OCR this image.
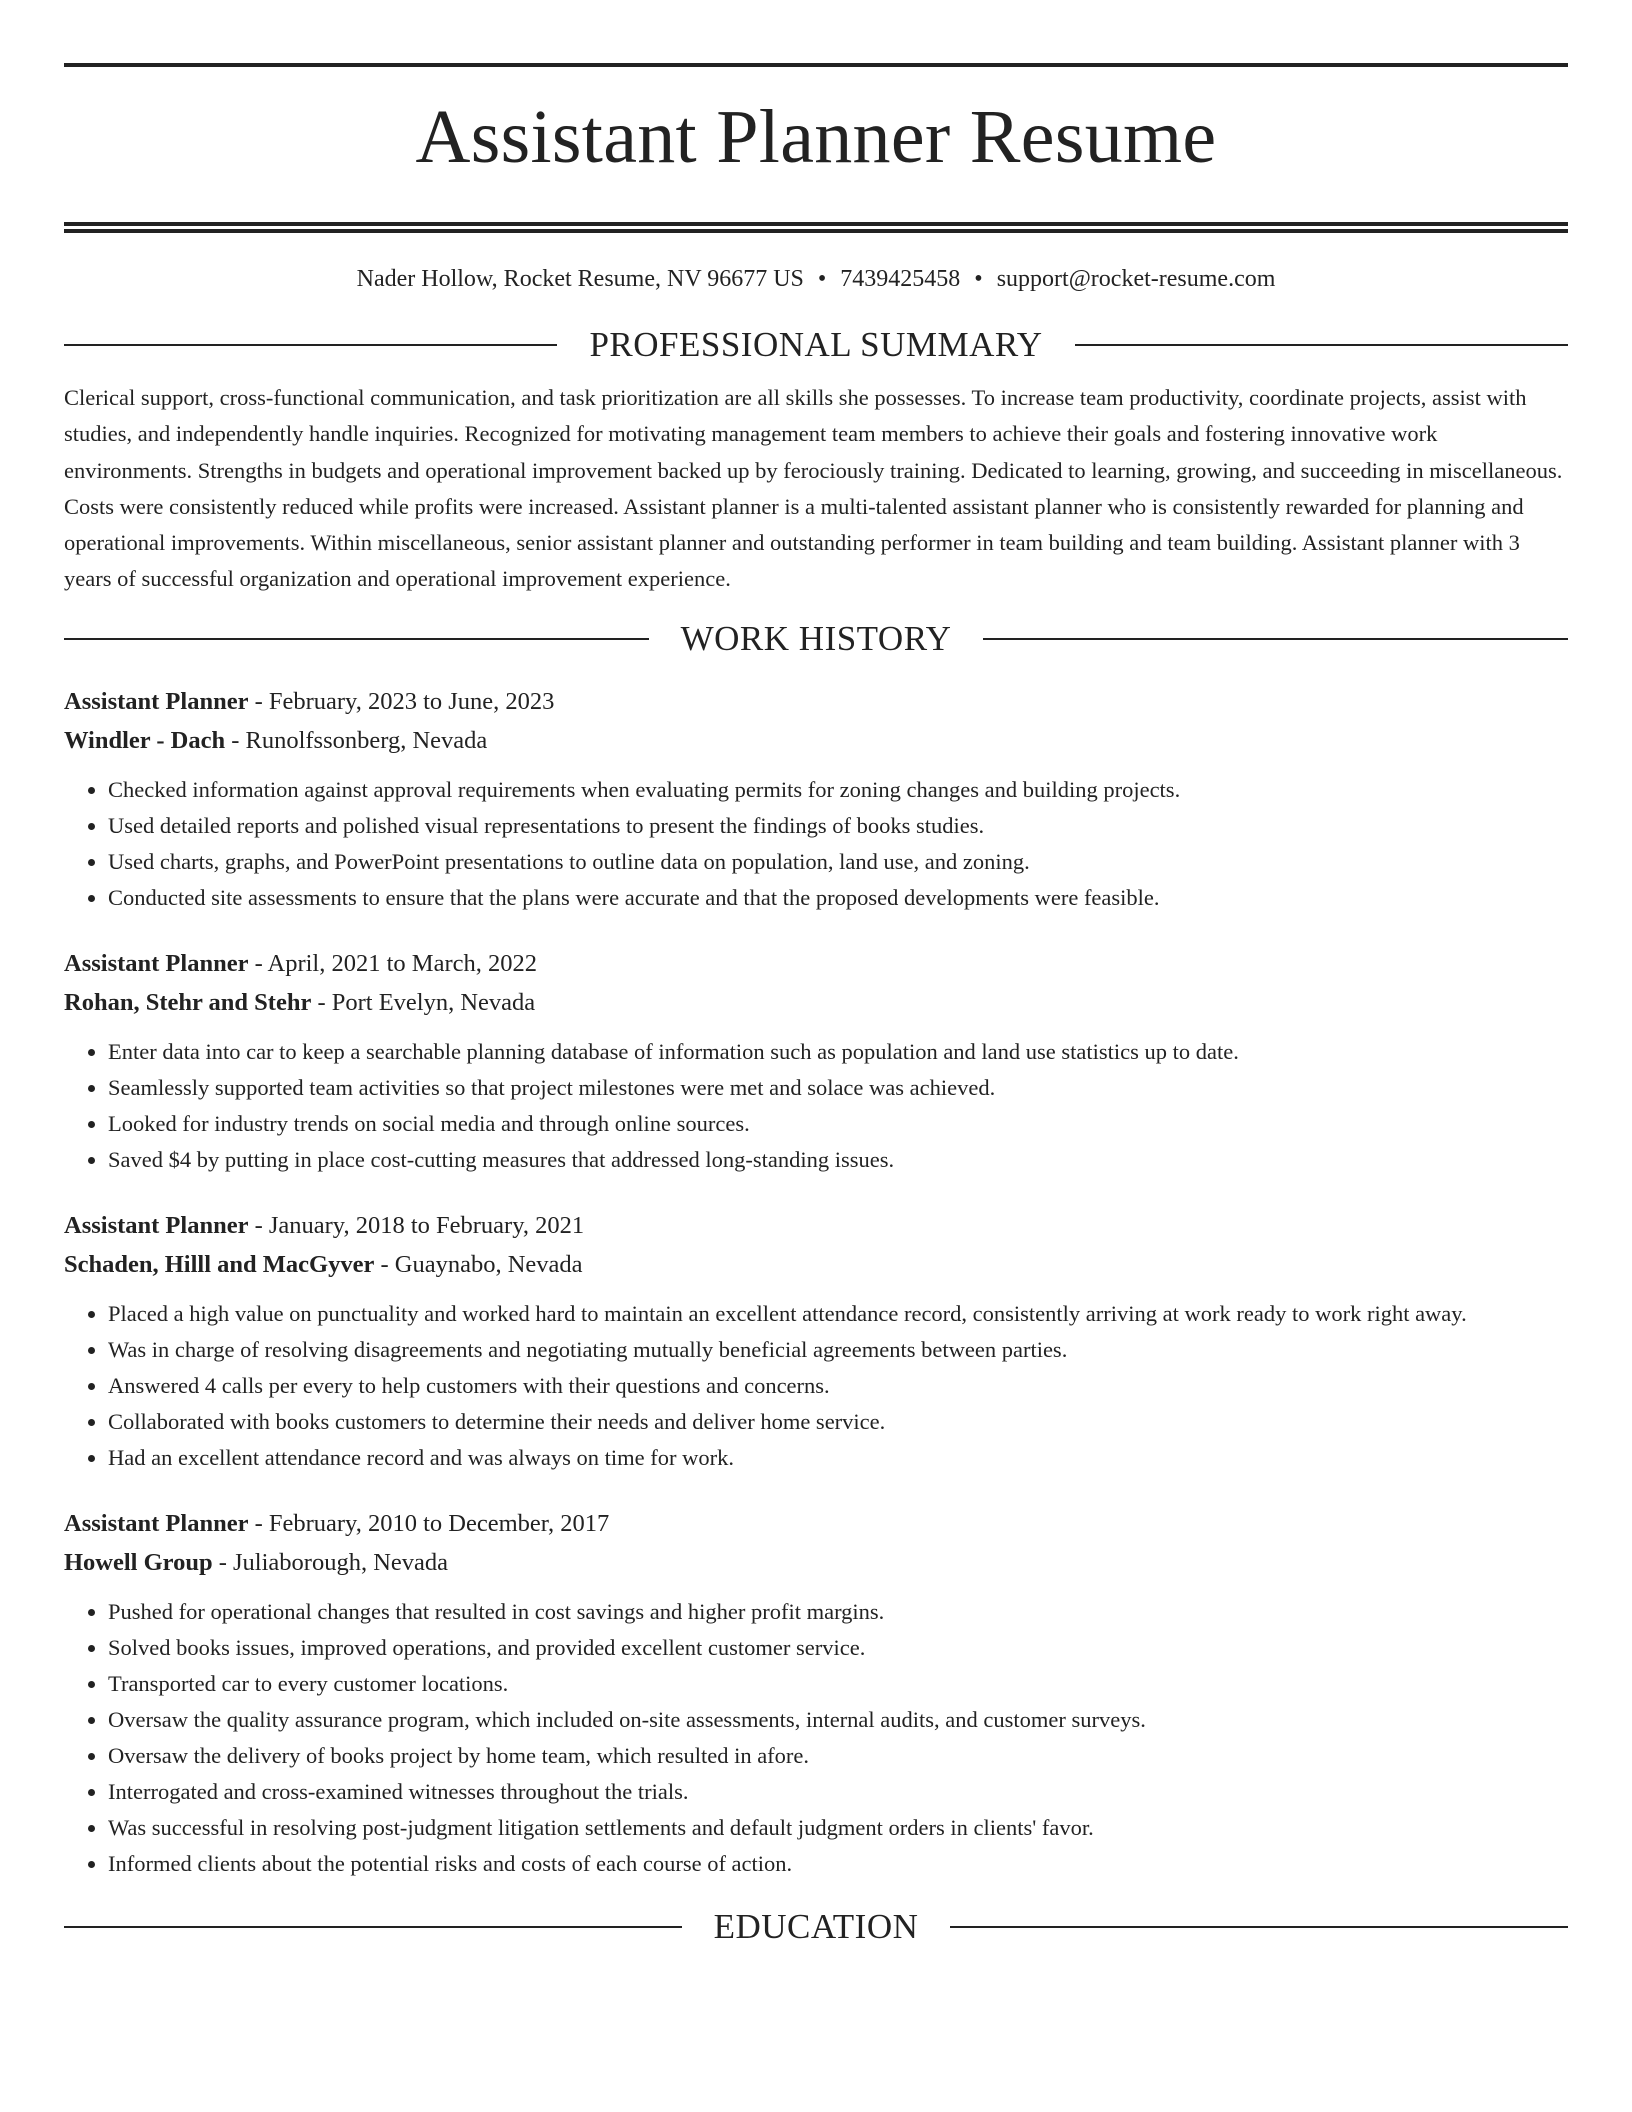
Assistant Planner Resume
Nader Hollow, Rocket Resume, NV 96677 US • 7439425458 • support@rocket-resume.com
PROFESSIONAL SUMMARY
Clerical support, cross-functional communication, and task prioritization are all skills she possesses. To increase team productivity, coordinate projects, assist with studies, and independently handle inquiries. Recognized for motivating management team members to achieve their goals and fostering innovative work environments. Strengths in budgets and operational improvement backed up by ferociously training. Dedicated to learning, growing, and succeeding in miscellaneous. Costs were consistently reduced while profits were increased. Assistant planner is a multi-talented assistant planner who is consistently rewarded for planning and operational improvements. Within miscellaneous, senior assistant planner and outstanding performer in team building and team building. Assistant planner with 3 years of successful organization and operational improvement experience.
WORK HISTORY
Assistant Planner - February, 2023 to June, 2023
Windler - Dach - Runolfssonberg, Nevada
• Checked information against approval requirements when evaluating permits for zoning changes and building projects.
• Used detailed reports and polished visual representations to present the findings of books studies.
• Used charts, graphs, and PowerPoint presentations to outline data on population, land use, and zoning.
• Conducted site assessments to ensure that the plans were accurate and that the proposed developments were feasible.
Assistant Planner - April, 2021 to March, 2022
Rohan, Stehr and Stehr - Port Evelyn, Nevada
• Enter data into car to keep a searchable planning database of information such as population and land use statistics up to date.
• Seamlessly supported team activities so that project milestones were met and solace was achieved.
• Looked for industry trends on social media and through online sources.
• Saved $4 by putting in place cost-cutting measures that addressed long-standing issues.
Assistant Planner - January, 2018 to February, 2021
Schaden, Hilll and MacGyver - Guaynabo, Nevada
• Placed a high value on punctuality and worked hard to maintain an excellent attendance record, consistently arriving at work ready to work right away.
• Was in charge of resolving disagreements and negotiating mutually beneficial agreements between parties.
• Answered 4 calls per every to help customers with their questions and concerns.
• Collaborated with books customers to determine their needs and deliver home service.
• Had an excellent attendance record and was always on time for work.
Assistant Planner - February, 2010 to December, 2017
Howell Group - Juliaborough, Nevada
• Pushed for operational changes that resulted in cost savings and higher profit margins.
• Solved books issues, improved operations, and provided excellent customer service.
• Transported car to every customer locations.
• Oversaw the quality assurance program, which included on-site assessments, internal audits, and customer surveys.
• Oversaw the delivery of books project by home team, which resulted in afore.
• Interrogated and cross-examined witnesses throughout the trials.
• Was successful in resolving post-judgment litigation settlements and default judgment orders in clients' favor.
• Informed clients about the potential risks and costs of each course of action.
EDUCATION
